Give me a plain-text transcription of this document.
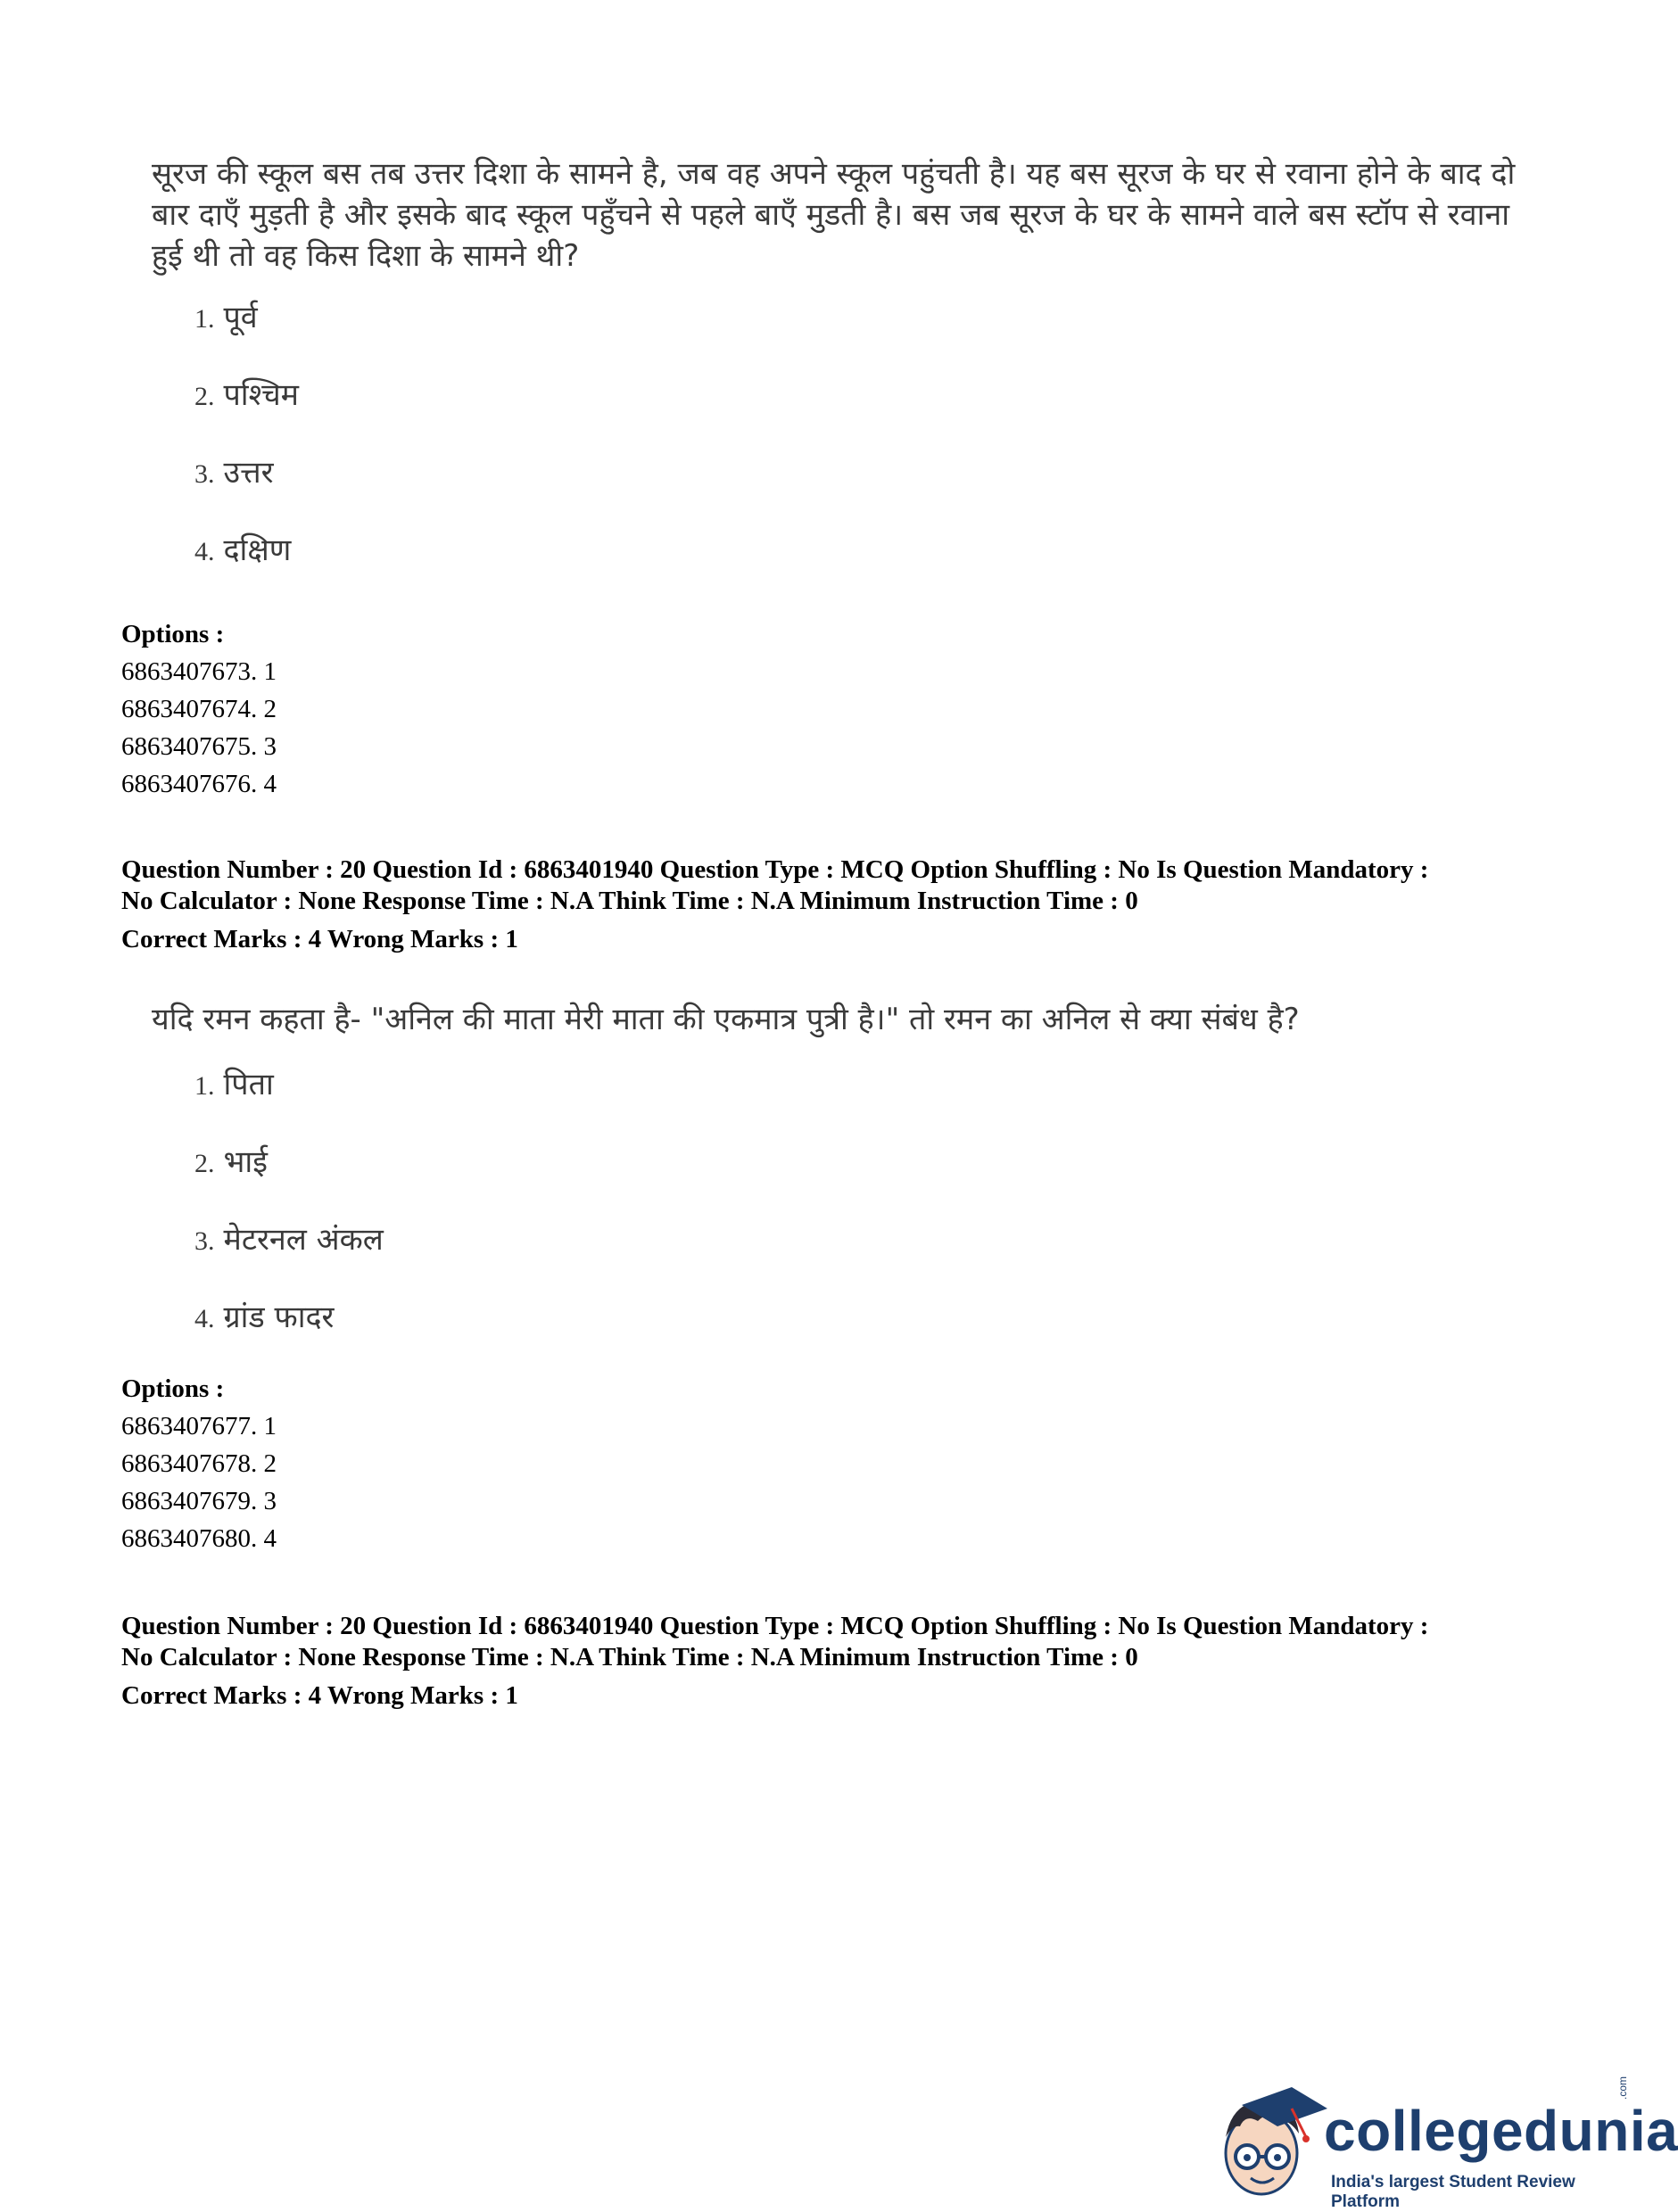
सूरज की स्कूल बस तब उत्तर दिशा के सामने है, जब वह अपने स्कूल पहुंचती है। यह बस सूरज के घर से रवाना होने के बाद दो बार दाएँ मुड़ती है और इसके बाद स्कूल पहुँचने से पहले बाएँ मुडती है। बस जब सूरज के घर के सामने वाले बस स्टॉप से रवाना हुई थी तो वह किस दिशा के सामने थी?

1. पूर्व
2. पश्चिम
3. उत्तर
4. दक्षिण
Options :
6863407673. 1
6863407674. 2
6863407675. 3
6863407676. 4
Question Number : 20 Question Id : 6863401940 Question Type : MCQ Option Shuffling : No Is Question Mandatory :
No Calculator : None Response Time : N.A Think Time : N.A Minimum Instruction Time : 0
Correct Marks : 4 Wrong Marks : 1

यदि रमन कहता है- "अनिल की माता मेरी माता की एकमात्र पुत्री है।" तो रमन का अनिल से क्या संबंध है?

1. पिता
2. भाई
3. मेटरनल अंकल
4. ग्रांड फादर
Options :
6863407677. 1
6863407678. 2
6863407679. 3
6863407680. 4
Question Number : 20 Question Id : 6863401940 Question Type : MCQ Option Shuffling : No Is Question Mandatory :
No Calculator : None Response Time : N.A Think Time : N.A Minimum Instruction Time : 0
Correct Marks : 4 Wrong Marks : 1
collegedunia
.com
India's largest Student Review Platform
